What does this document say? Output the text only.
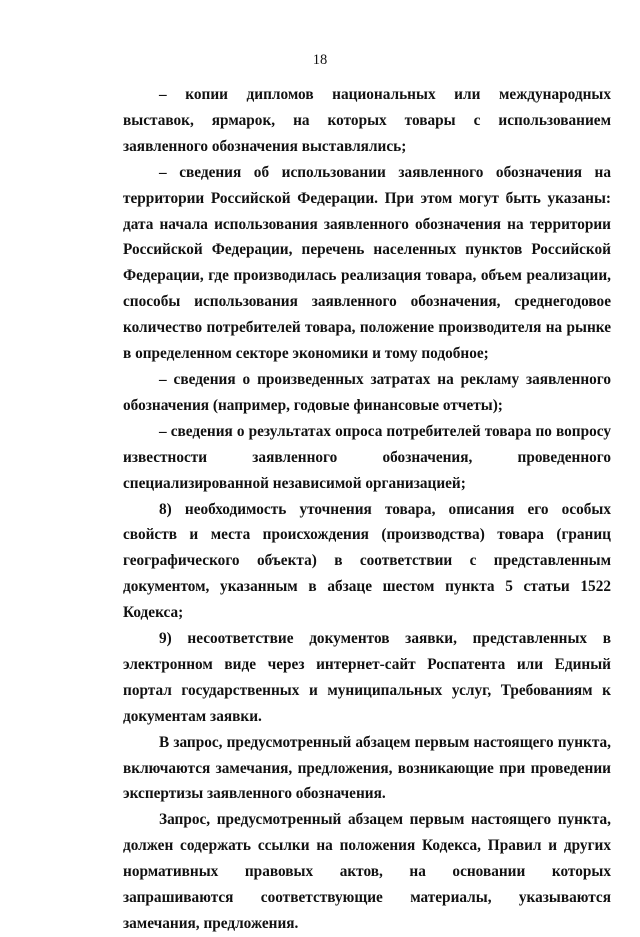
18

– копии дипломов национальных или международных выставок, ярмарок, на которых товары с использованием заявленного обозначения выставлялись;

– сведения об использовании заявленного обозначения на территории Российской Федерации. При этом могут быть указаны: дата начала использования заявленного обозначения на территории Российской Федерации, перечень населенных пунктов Российской Федерации, где производилась реализация товара, объем реализации, способы использования заявленного обозначения, среднегодовое количество потребителей товара, положение производителя на рынке в определенном секторе экономики и тому подобное;

– сведения о произведенных затратах на рекламу заявленного обозначения (например, годовые финансовые отчеты);

– сведения о результатах опроса потребителей товара по вопросу известности заявленного обозначения, проведенного специализированной независимой организацией;

8) необходимость уточнения товара, описания его особых свойств и места происхождения (производства) товара (границ географического объекта) в соответствии с представленным документом, указанным в абзаце шестом пункта 5 статьи 1522 Кодекса;

9) несоответствие документов заявки, представленных в электронном виде через интернет-сайт Роспатента или Единый портал государственных и муниципальных услуг, Требованиям к документам заявки.

В запрос, предусмотренный абзацем первым настоящего пункта, включаются замечания, предложения, возникающие при проведении экспертизы заявленного обозначения.

Запрос, предусмотренный абзацем первым настоящего пункта, должен содержать ссылки на положения Кодекса, Правил и других нормативных правовых актов, на основании которых запрашиваются соответствующие материалы, указываются замечания, предложения.
